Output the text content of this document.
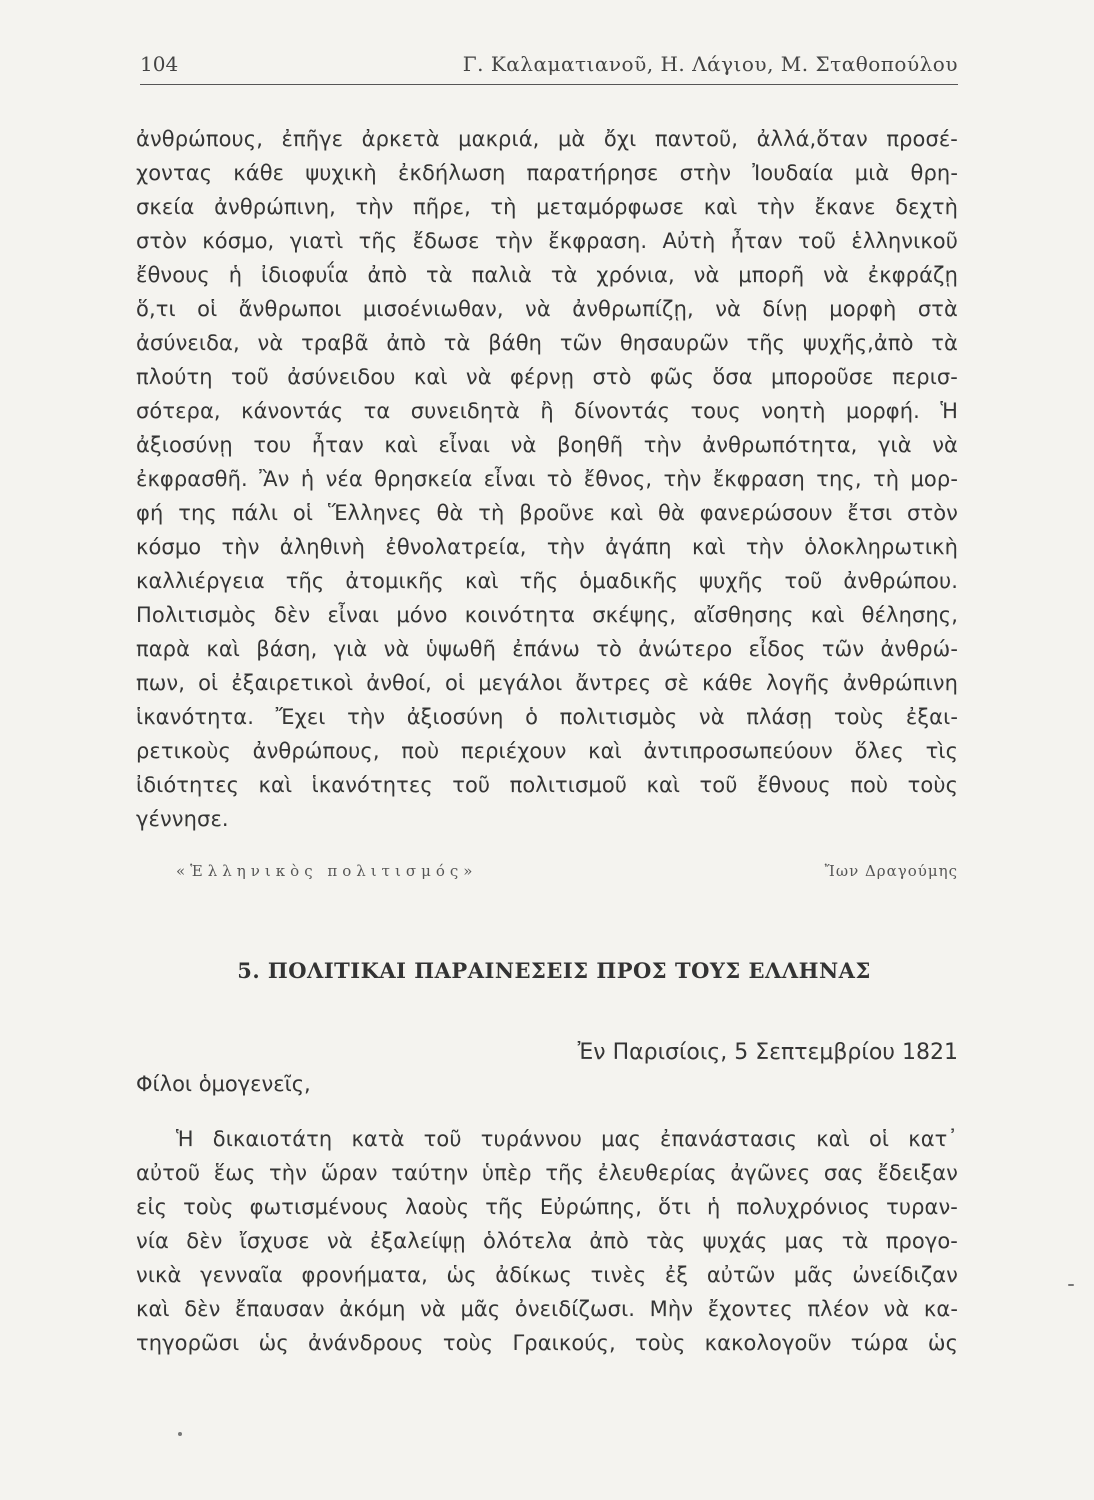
104	Γ. Καλαματιανοῦ, Η. Λάγιου, Μ. Σταθοπούλου
ἀνθρώπους, ἐπῆγε ἀρκετὰ μακριά, μὰ ὄχι παντοῦ, ἀλλά,ὅταν προσέ-
χοντας κάθε ψυχικὴ ἐκδήλωση παρατήρησε στὴν Ἰουδαία μιὰ θρη-
σκεία ἀνθρώπινη, τὴν πῆρε, τὴ μεταμόρφωσε καὶ τὴν ἔκανε δεχτὴ
στὸν κόσμο, γιατὶ τῆς ἔδωσε τὴν ἔκφραση. Αὐτὴ ἦταν τοῦ ἑλληνικοῦ
ἔθνους ἡ ἰδιοφυΐα ἀπὸ τὰ παλιὰ τὰ χρόνια, νὰ μπορῆ νὰ ἐκφράζῃ
ὅ,τι οἱ ἄνθρωποι μισοένιωθαν, νὰ ἀνθρωπίζῃ, νὰ δίνῃ μορφὴ στὰ
ἀσύνειδα, νὰ τραβᾶ ἀπὸ τὰ βάθη τῶν θησαυρῶν τῆς ψυχῆς,ἀπὸ τὰ
πλούτη τοῦ ἀσύνειδου καὶ νὰ φέρνῃ στὸ φῶς ὅσα μποροῦσε περισ-
σότερα, κάνοντάς τα συνειδητὰ ἢ δίνοντάς τους νοητὴ μορφή. Ἡ
ἀξιοσύνῃ του ἦταν καὶ εἶναι νὰ βοηθῆ τὴν ἀνθρωπότητα, γιὰ νὰ
ἐκφρασθῆ. Ἂν ἡ νέα θρησκεία εἶναι τὸ ἔθνος, τὴν ἔκφραση της, τὴ μορ-
φή της πάλι οἱ Ἕλληνες θὰ τὴ βροῦνε καὶ θὰ φανερώσουν ἔτσι στὸν
κόσμο τὴν ἀληθινὴ ἐθνολατρεία, τὴν ἀγάπη καὶ τὴν ὁλοκληρωτικὴ
καλλιέργεια τῆς ἀτομικῆς καὶ τῆς ὁμαδικῆς ψυχῆς τοῦ ἀνθρώπου.
Πολιτισμὸς δὲν εἶναι μόνο κοινότητα σκέψης, αἴσθησης καὶ θέλησης,
παρὰ καὶ βάση, γιὰ νὰ ὑψωθῆ ἐπάνω τὸ ἀνώτερο εἶδος τῶν ἀνθρώ-
πων, οἱ ἐξαιρετικοὶ ἀνθοί, οἱ μεγάλοι ἄντρες σὲ κάθε λογῆς ἀνθρώπινη
ἱκανότητα. Ἔχει τὴν ἀξιοσύνη ὁ πολιτισμὸς νὰ πλάσῃ τοὺς ἐξαι-
ρετικοὺς ἀνθρώπους, ποὺ περιέχουν καὶ ἀντιπροσωπεύουν ὅλες τὶς
ἰδιότητες καὶ ἱκανότητες τοῦ πολιτισμοῦ καὶ τοῦ ἔθνους ποὺ τοὺς
γέννησε.
«Ἑλληνικὸς πολιτισμός»	Ἴων Δραγούμης
5. ΠΟΛΙΤΙΚΑΙ ΠΑΡΑΙΝΕΣΕΙΣ ΠΡΟΣ ΤΟΥΣ ΕΛΛΗΝΑΣ
Ἐν Παρισίοις, 5 Σεπτεμβρίου 1821
Φίλοι ὁμογενεῖς,
Ἡ δικαιοτάτη κατὰ τοῦ τυράννου μας ἐπανάστασις καὶ οἱ κατ᾽
αὐτοῦ ἕως τὴν ὥραν ταύτην ὑπὲρ τῆς ἐλευθερίας ἀγῶνες σας ἔδειξαν
εἰς τοὺς φωτισμένους λαοὺς τῆς Εὐρώπης, ὅτι ἡ πολυχρόνιος τυραν-
νία δὲν ἴσχυσε νὰ ἐξαλείψῃ ὁλότελα ἀπὸ τὰς ψυχάς μας τὰ προγο-
νικὰ γενναῖα φρονήματα, ὡς ἀδίκως τινὲς ἐξ αὐτῶν μᾶς ὠνείδιζαν
καὶ δὲν ἔπαυσαν ἀκόμη νὰ μᾶς ὀνειδίζωσι. Μὴν ἔχοντες πλέον νὰ κα-
τηγορῶσι ὡς ἀνάνδρους τοὺς Γραικούς, τοὺς κακολογοῦν τώρα ὡς
